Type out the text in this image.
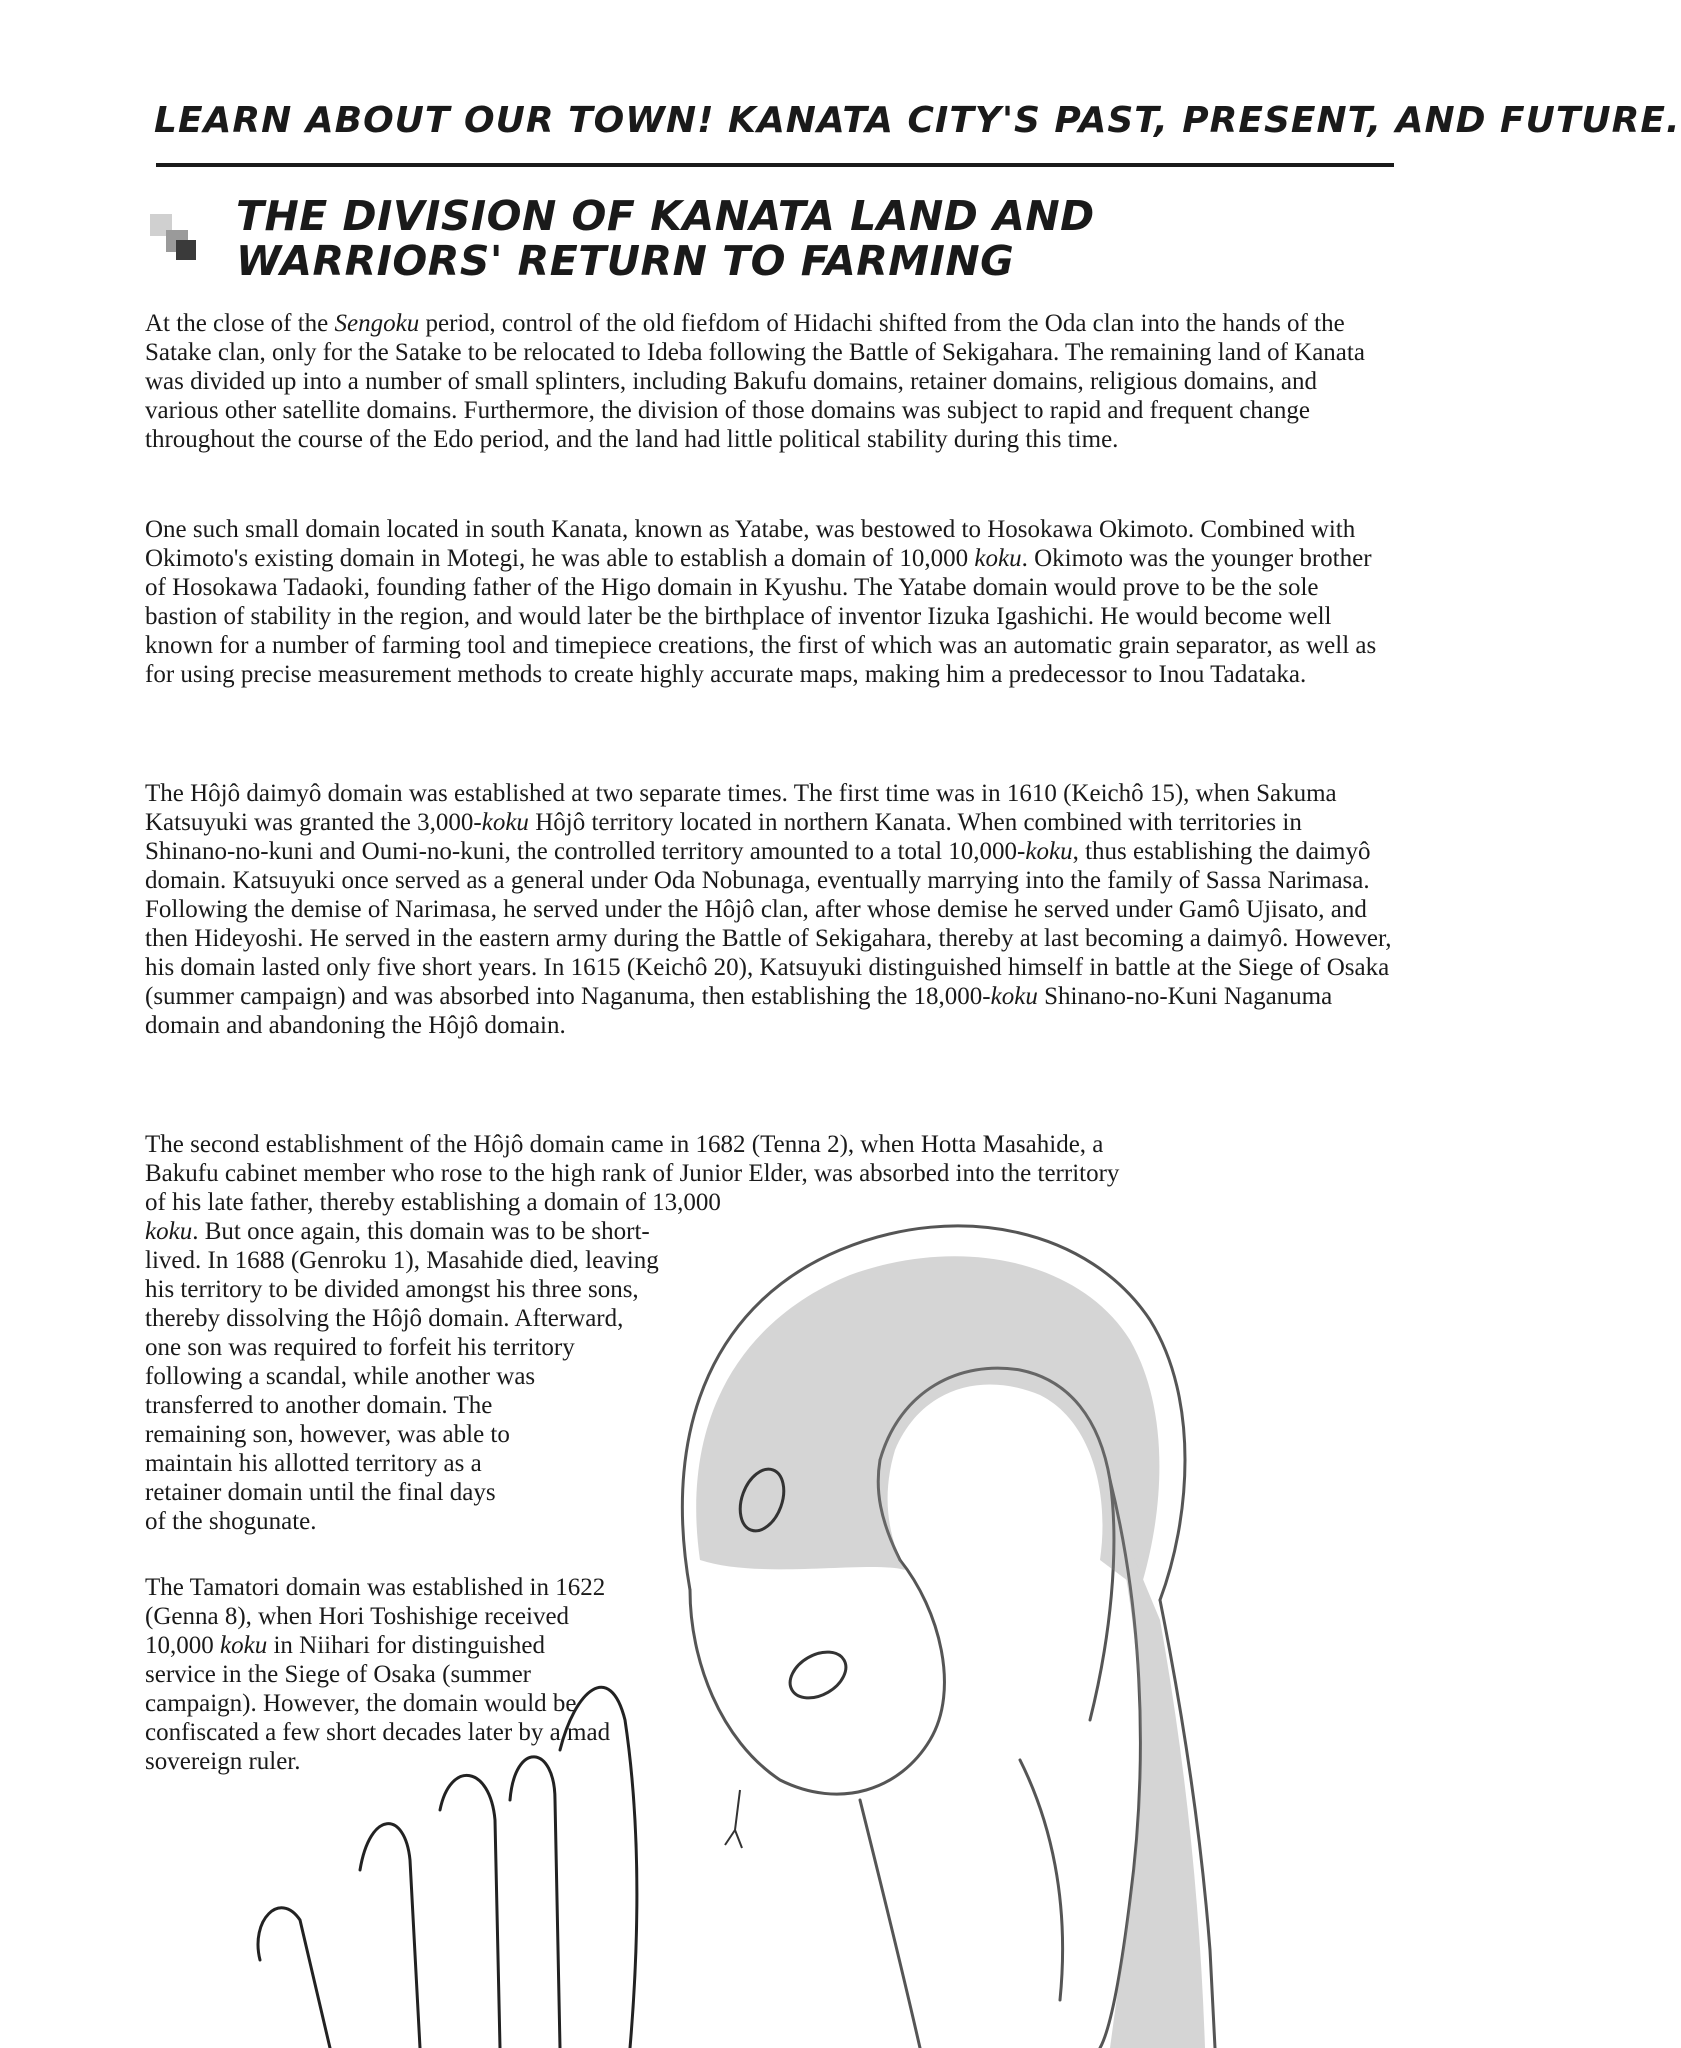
LEARN ABOUT OUR TOWN! KANATA CITY'S PAST, PRESENT, AND FUTURE.
THE DIVISION OF KANATA LAND AND WARRIORS' RETURN TO FARMING

At the close of the Sengoku period, control of the old fiefdom of Hidachi shifted from the Oda clan into the hands of the Satake clan, only for the Satake to be relocated to Ideba following the Battle of Sekigahara. The remaining land of Kanata was divided up into a number of small splinters, including Bakufu domains, retainer domains, religious domains, and various other satellite domains. Furthermore, the division of those domains was subject to rapid and frequent change throughout the course of the Edo period, and the land had little political stability during this time.

One such small domain located in south Kanata, known as Yatabe, was bestowed to Hosokawa Okimoto. Combined with Okimoto's existing domain in Motegi, he was able to establish a domain of 10,000 koku. Okimoto was the younger brother of Hosokawa Tadaoki, founding father of the Higo domain in Kyushu. The Yatabe domain would prove to be the sole bastion of stability in the region, and would later be the birthplace of inventor Iizuka Igashichi. He would become well known for a number of farming tool and timepiece creations, the first of which was an automatic grain separator, as well as for using precise measurement methods to create highly accurate maps, making him a predecessor to Inou Tadataka.

The Hôjô daimyô domain was established at two separate times. The first time was in 1610 (Keichô 15), when Sakuma Katsuyuki was granted the 3,000-koku Hôjô territory located in northern Kanata. When combined with territories in Shinano-no-kuni and Oumi-no-kuni, the controlled territory amounted to a total 10,000-koku, thus establishing the daimyô domain. Katsuyuki once served as a general under Oda Nobunaga, eventually marrying into the family of Sassa Narimasa. Following the demise of Narimasa, he served under the Hôjô clan, after whose demise he served under Gamô Ujisato, and then Hideyoshi. He served in the eastern army during the Battle of Sekigahara, thereby at last becoming a daimyô. However, his domain lasted only five short years. In 1615 (Keichô 20), Katsuyuki distinguished himself in battle at the Siege of Osaka (summer campaign) and was absorbed into Naganuma, then establishing the 18,000-koku Shinano-no-Kuni Naganuma domain and abandoning the Hôjô domain.

The second establishment of the Hôjô domain came in 1682 (Tenna 2), when Hotta Masahide, a
Bakufu cabinet member who rose to the high rank of Junior Elder, was absorbed into the territory
of his late father, thereby establishing a domain of 13,000
koku. But once again, this domain was to be short-
lived. In 1688 (Genroku 1), Masahide died, leaving
his territory to be divided amongst his three sons,
thereby dissolving the Hôjô domain. Afterward,
one son was required to forfeit his territory
following a scandal, while another was
transferred to another domain. The
remaining son, however, was able to
maintain his allotted territory as a
retainer domain until the final days
of the shogunate.

The Tamatori domain was established in 1622 (Genna 8), when Hori Toshishige received 10,000 koku in Niihari for distinguished service in the Siege of Osaka (summer campaign). However, the domain would be confiscated a few short decades later by a mad sovereign ruler.
